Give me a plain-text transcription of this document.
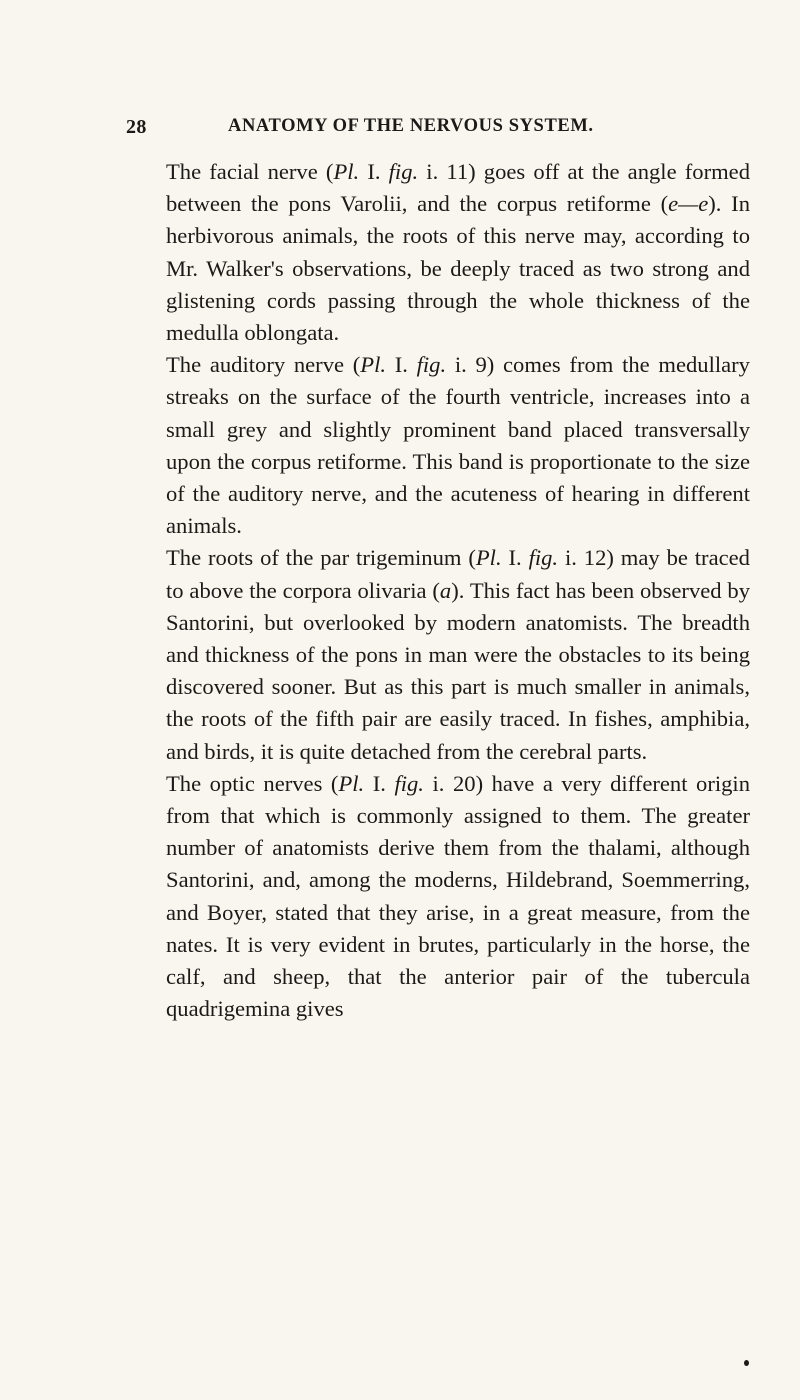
28	ANATOMY OF THE NERVOUS SYSTEM.

The facial nerve (Pl. I. fig. i. 11) goes off at the angle formed between the pons Varolii, and the corpus retiforme (e—e). In herbivorous animals, the roots of this nerve may, according to Mr. Walker's observations, be deeply traced as two strong and glistening cords passing through the whole thickness of the medulla oblongata.

The auditory nerve (Pl. I. fig. i. 9) comes from the medullary streaks on the surface of the fourth ventricle, increases into a small grey and slightly prominent band placed transversally upon the corpus retiforme. This band is proportionate to the size of the auditory nerve, and the acuteness of hearing in different animals.

The roots of the par trigeminum (Pl. I. fig. i. 12) may be traced to above the corpora olivaria (a). This fact has been observed by Santorini, but overlooked by modern anatomists. The breadth and thickness of the pons in man were the obstacles to its being discovered sooner. But as this part is much smaller in animals, the roots of the fifth pair are easily traced. In fishes, amphibia, and birds, it is quite detached from the cerebral parts.

The optic nerves (Pl. I. fig. i. 20) have a very different origin from that which is commonly assigned to them. The greater number of anatomists derive them from the thalami, although Santorini, and, among the moderns, Hildebrand, Soemmerring, and Boyer, stated that they arise, in a great measure, from the nates. It is very evident in brutes, particularly in the horse, the calf, and sheep, that the anterior pair of the tubercula quadrigemina gives
